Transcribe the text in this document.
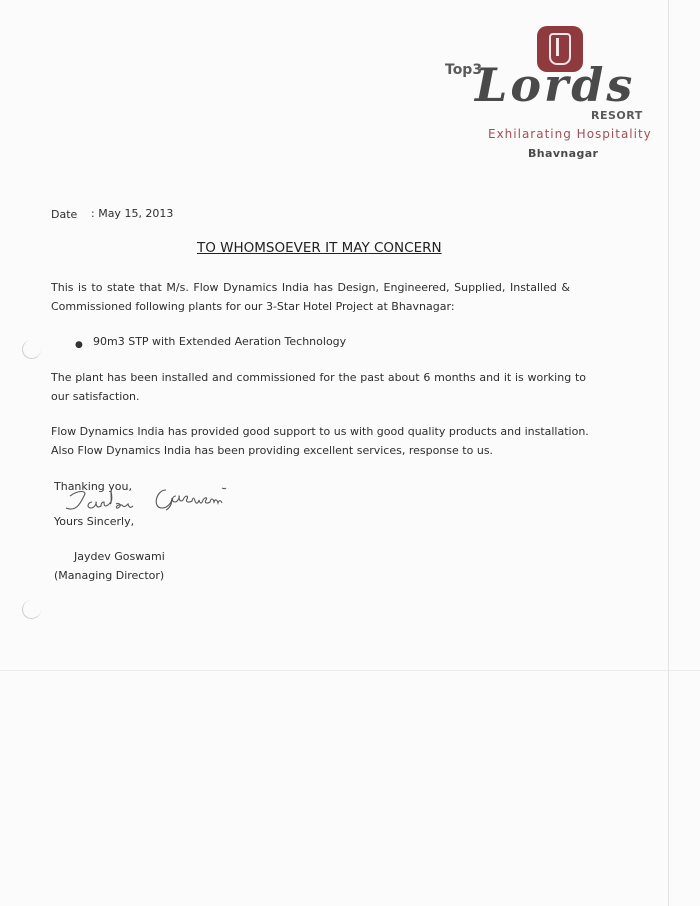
Top3
Lords
RESORT
Exhilarating Hospitality
Bhavnagar
Date : May 15, 2013
TO WHOMSOEVER IT MAY CONCERN
This is to state that M/s. Flow Dynamics India has Design, Engineered, Supplied, Installed & Commissioned following plants for our 3-Star Hotel Project at Bhavnagar:
● 90m3 STP with Extended Aeration Technology
The plant has been installed and commissioned for the past about 6 months and it is working to our satisfaction.
Flow Dynamics India has provided good support to us with good quality products and installation. Also Flow Dynamics India has been providing excellent services, response to us.
Thanking you,
Yours Sincerly,
Jaydev Goswami
(Managing Director)
